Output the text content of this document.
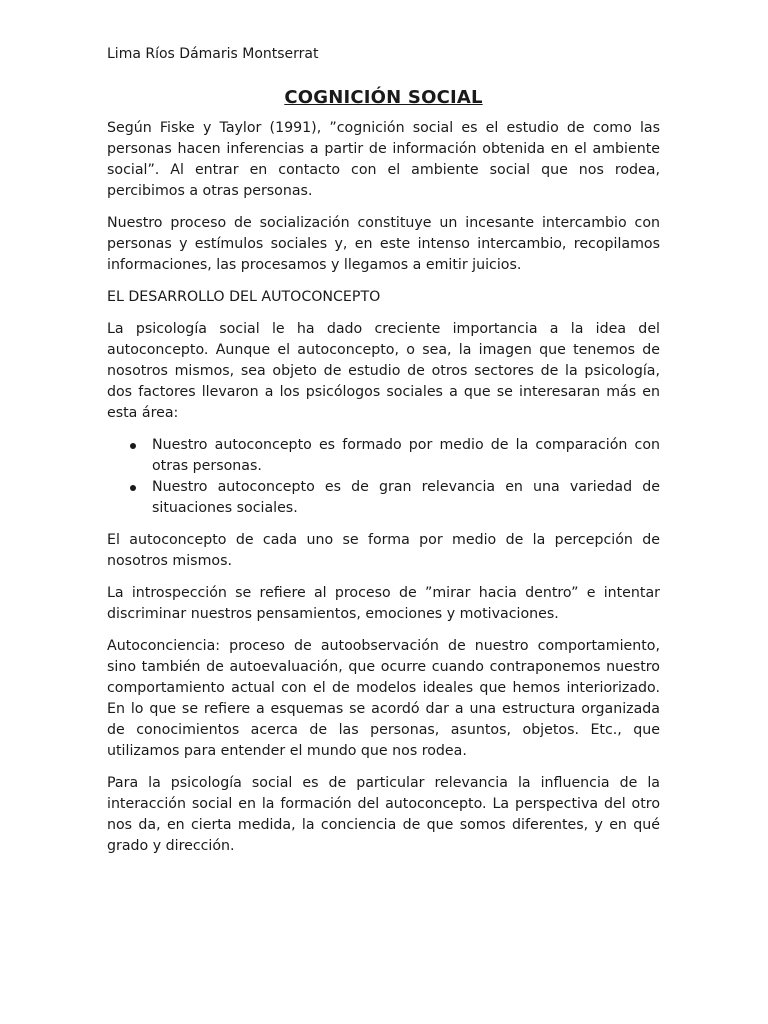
Lima Ríos Dámaris Montserrat
COGNICIÓN SOCIAL

Según Fiske y Taylor (1991), ”cognición social es el estudio de como las personas hacen inferencias a partir de información obtenida en el ambiente social”. Al entrar en contacto con el ambiente social que nos rodea, percibimos a otras personas.

Nuestro proceso de socialización constituye un incesante intercambio con personas y estímulos sociales y, en este intenso intercambio, recopilamos informaciones, las procesamos y llegamos a emitir juicios.

EL DESARROLLO DEL AUTOCONCEPTO

La psicología social le ha dado creciente importancia a la idea del autoconcepto. Aunque el autoconcepto, o sea, la imagen que tenemos de nosotros mismos, sea objeto de estudio de otros sectores de la psicología, dos factores llevaron a los psicólogos sociales a que se interesaran más en esta área:

Nuestro autoconcepto es formado por medio de la comparación con otras personas.
Nuestro autoconcepto es de gran relevancia en una variedad de situaciones sociales.

El autoconcepto de cada uno se forma por medio de la percepción de nosotros mismos.

La introspección se refiere al proceso de ”mirar hacia dentro” e intentar discriminar nuestros pensamientos, emociones y motivaciones.

Autoconciencia: proceso de autoobservación de nuestro comportamiento, sino también de autoevaluación, que ocurre cuando contraponemos nuestro comportamiento actual con el de modelos ideales que hemos interiorizado. En lo que se refiere a esquemas se acordó dar a una estructura organizada de conocimientos acerca de las personas, asuntos, objetos. Etc., que utilizamos para entender el mundo que nos rodea.

Para la psicología social es de particular relevancia la influencia de la interacción social en la formación del autoconcepto. La perspectiva del otro nos da, en cierta medida, la conciencia de que somos diferentes, y en qué grado y dirección.
